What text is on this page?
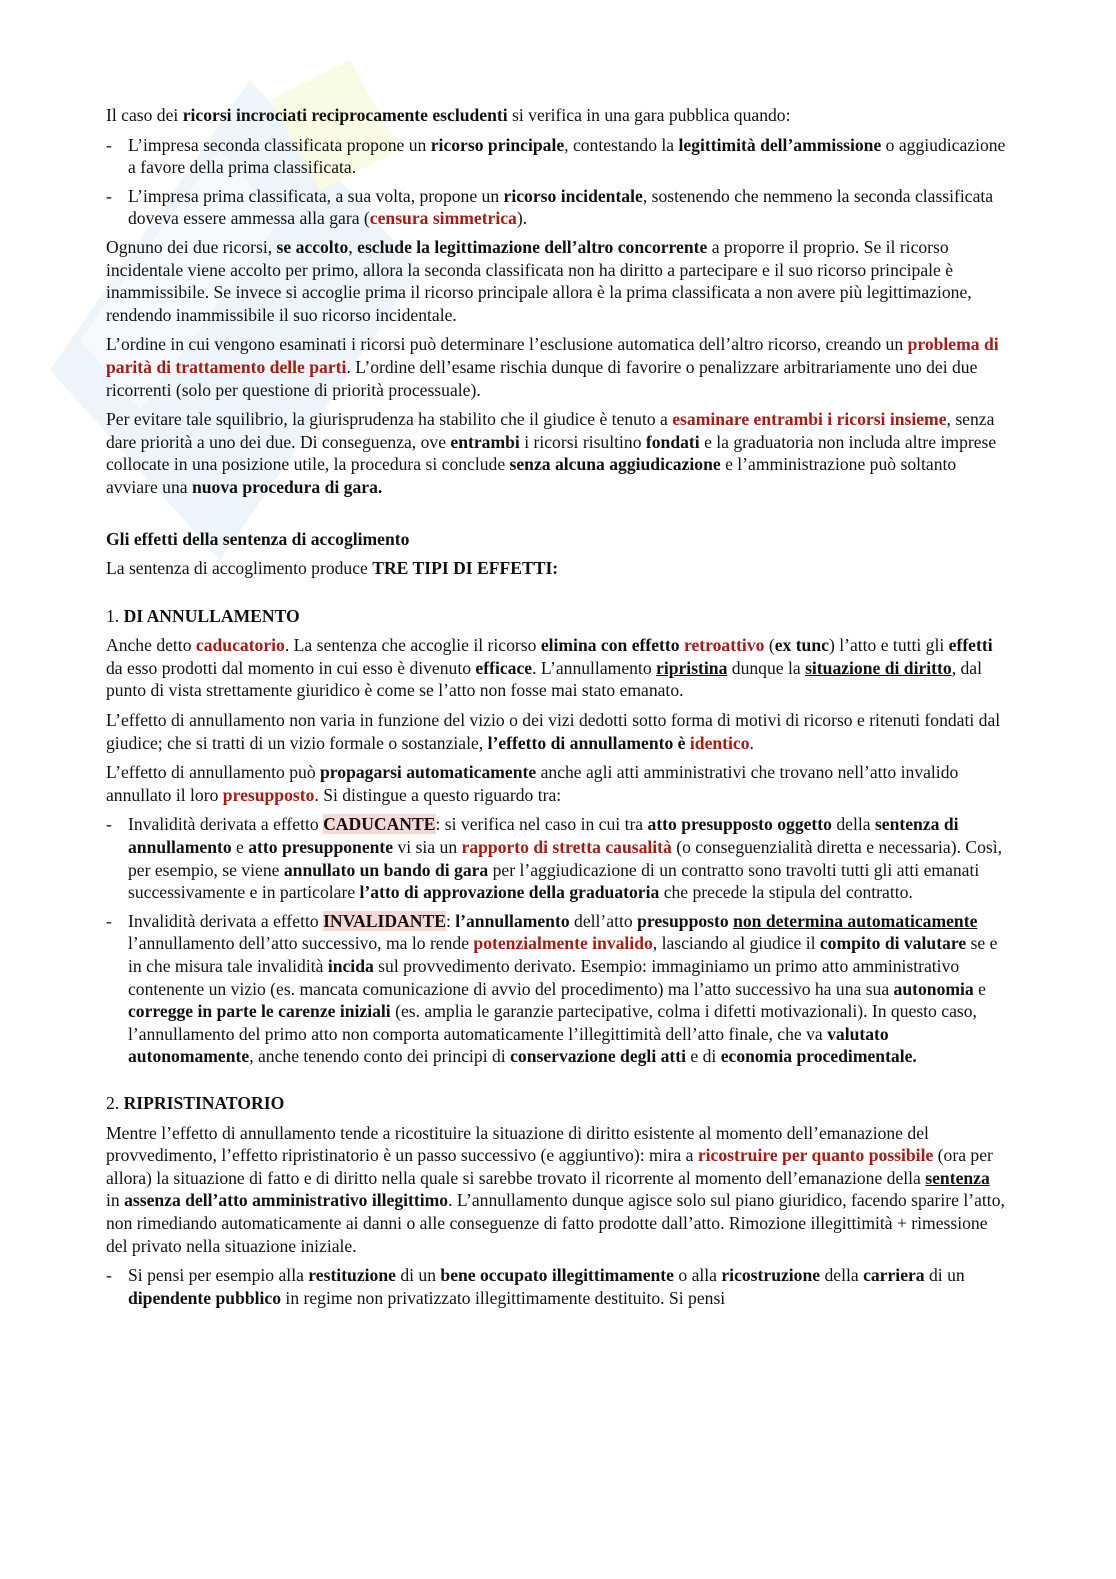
Il caso dei ricorsi incrociati reciprocamente escludenti si verifica in una gara pubblica quando:

- L’impresa seconda classificata propone un ricorso principale, contestando la legittimità dell’ammissione o aggiudicazione a favore della prima classificata.
- L’impresa prima classificata, a sua volta, propone un ricorso incidentale, sostenendo che nemmeno la seconda classificata doveva essere ammessa alla gara (censura simmetrica).

Ognuno dei due ricorsi, se accolto, esclude la legittimazione dell’altro concorrente a proporre il proprio. Se il ricorso incidentale viene accolto per primo, allora la seconda classificata non ha diritto a partecipare e il suo ricorso principale è inammissibile. Se invece si accoglie prima il ricorso principale allora è la prima classificata a non avere più legittimazione, rendendo inammissibile il suo ricorso incidentale.

L’ordine in cui vengono esaminati i ricorsi può determinare l’esclusione automatica dell’altro ricorso, creando un problema di parità di trattamento delle parti. L’ordine dell’esame rischia dunque di favorire o penalizzare arbitrariamente uno dei due ricorrenti (solo per questione di priorità processuale).

Per evitare tale squilibrio, la giurisprudenza ha stabilito che il giudice è tenuto a esaminare entrambi i ricorsi insieme, senza dare priorità a uno dei due. Di conseguenza, ove entrambi i ricorsi risultino fondati e la graduatoria non includa altre imprese collocate in una posizione utile, la procedura si conclude senza alcuna aggiudicazione e l’amministrazione può soltanto avviare una nuova procedura di gara.

Gli effetti della sentenza di accoglimento

La sentenza di accoglimento produce TRE TIPI DI EFFETTI:

1. DI ANNULLAMENTO

Anche detto caducatorio. La sentenza che accoglie il ricorso elimina con effetto retroattivo (ex tunc) l’atto e tutti gli effetti da esso prodotti dal momento in cui esso è divenuto efficace. L’annullamento ripristina dunque la situazione di diritto, dal punto di vista strettamente giuridico è come se l’atto non fosse mai stato emanato.

L’effetto di annullamento non varia in funzione del vizio o dei vizi dedotti sotto forma di motivi di ricorso e ritenuti fondati dal giudice; che si tratti di un vizio formale o sostanziale, l’effetto di annullamento è identico.

L’effetto di annullamento può propagarsi automaticamente anche agli atti amministrativi che trovano nell’atto invalido annullato il loro presupposto. Si distingue a questo riguardo tra:

- Invalidità derivata a effetto CADUCANTE: si verifica nel caso in cui tra atto presupposto oggetto della sentenza di annullamento e atto presupponente vi sia un rapporto di stretta causalità (o conseguenzialità diretta e necessaria). Così, per esempio, se viene annullato un bando di gara per l’aggiudicazione di un contratto sono travolti tutti gli atti emanati successivamente e in particolare l’atto di approvazione della graduatoria che precede la stipula del contratto.
- Invalidità derivata a effetto INVALIDANTE: l’annullamento dell’atto presupposto non determina automaticamente l’annullamento dell’atto successivo, ma lo rende potenzialmente invalido, lasciando al giudice il compito di valutare se e in che misura tale invalidità incida sul provvedimento derivato. Esempio: immaginiamo un primo atto amministrativo contenente un vizio (es. mancata comunicazione di avvio del procedimento) ma l’atto successivo ha una sua autonomia e corregge in parte le carenze iniziali (es. amplia le garanzie partecipative, colma i difetti motivazionali). In questo caso, l’annullamento del primo atto non comporta automaticamente l’illegittimità dell’atto finale, che va valutato autonomamente, anche tenendo conto dei principi di conservazione degli atti e di economia procedimentale.

2. RIPRISTINATORIO

Mentre l’effetto di annullamento tende a ricostituire la situazione di diritto esistente al momento dell’emanazione del provvedimento, l’effetto ripristinatorio è un passo successivo (e aggiuntivo): mira a ricostruire per quanto possibile (ora per allora) la situazione di fatto e di diritto nella quale si sarebbe trovato il ricorrente al momento dell’emanazione della sentenza in assenza dell’atto amministrativo illegittimo. L’annullamento dunque agisce solo sul piano giuridico, facendo sparire l’atto, non rimediando automaticamente ai danni o alle conseguenze di fatto prodotte dall’atto. Rimozione illegittimità + rimessione del privato nella situazione iniziale.

- Si pensi per esempio alla restituzione di un bene occupato illegittimamente o alla ricostruzione della carriera di un dipendente pubblico in regime non privatizzato illegittimamente destituito. Si pensi
